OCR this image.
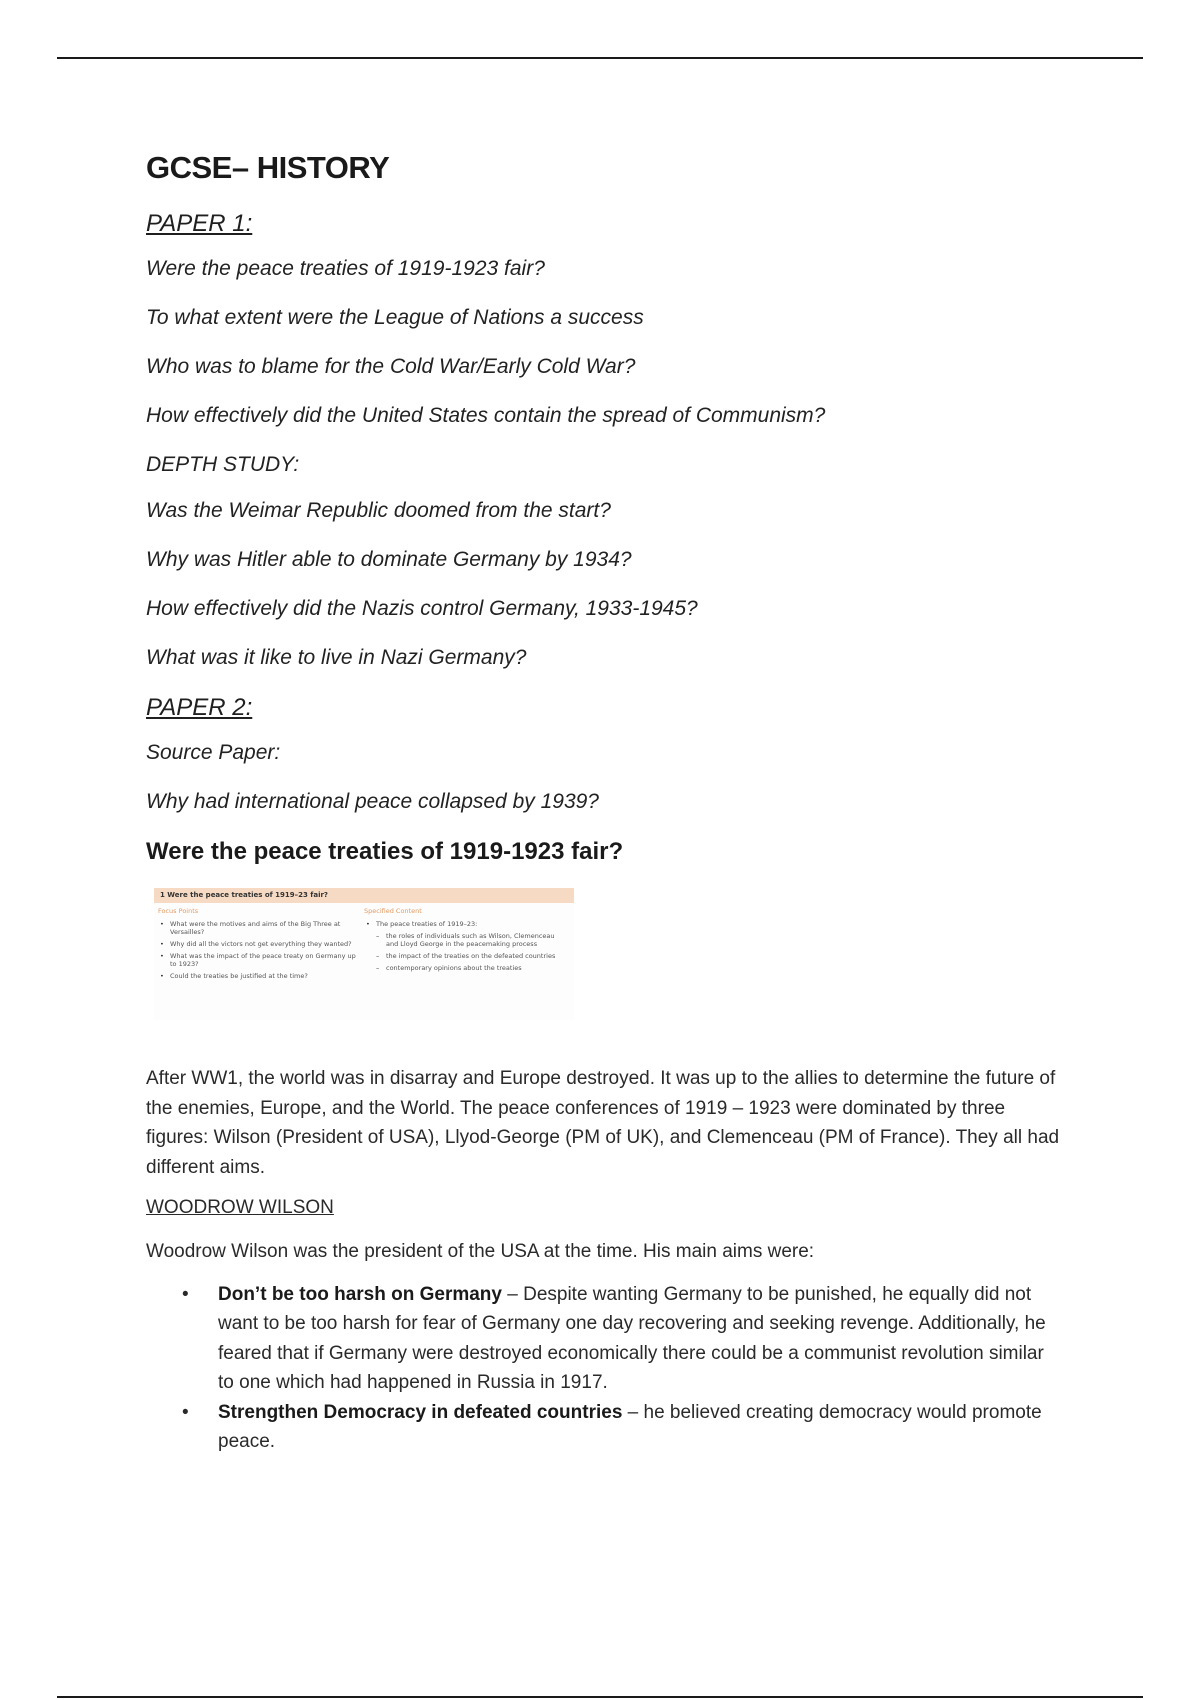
GCSE– HISTORY
PAPER 1:
Were the peace treaties of 1919-1923 fair?
To what extent were the League of Nations a success
Who was to blame for the Cold War/Early Cold War?
How effectively did the United States contain the spread of Communism?
DEPTH STUDY:
Was the Weimar Republic doomed from the start?
Why was Hitler able to dominate Germany by 1934?
How effectively did the Nazis control Germany, 1933-1945?
What was it like to live in Nazi Germany?
PAPER 2:
Source Paper:
Why had international peace collapsed by 1939?
Were the peace treaties of 1919-1923 fair?
1 Were the peace treaties of 1919–23 fair?
Focus Points
• What were the motives and aims of the Big Three at Versailles?
• Why did all the victors not get everything they wanted?
• What was the impact of the peace treaty on Germany up to 1923?
• Could the treaties be justified at the time?
Specified Content
• The peace treaties of 1919–23:
– the roles of individuals such as Wilson, Clemenceau and Lloyd George in the peacemaking process
– the impact of the treaties on the defeated countries
– contemporary opinions about the treaties

After WW1, the world was in disarray and Europe destroyed. It was up to the allies to determine the future of the enemies, Europe, and the World. The peace conferences of 1919 – 1923 were dominated by three figures: Wilson (President of USA), Llyod-George (PM of UK), and Clemenceau (PM of France). They all had different aims.

WOODROW WILSON

Woodrow Wilson was the president of the USA at the time. His main aims were:

• Don’t be too harsh on Germany – Despite wanting Germany to be punished, he equally did not want to be too harsh for fear of Germany one day recovering and seeking revenge. Additionally, he feared that if Germany were destroyed economically there could be a communist revolution similar to one which had happened in Russia in 1917.
• Strengthen Democracy in defeated countries – he believed creating democracy would promote peace.
